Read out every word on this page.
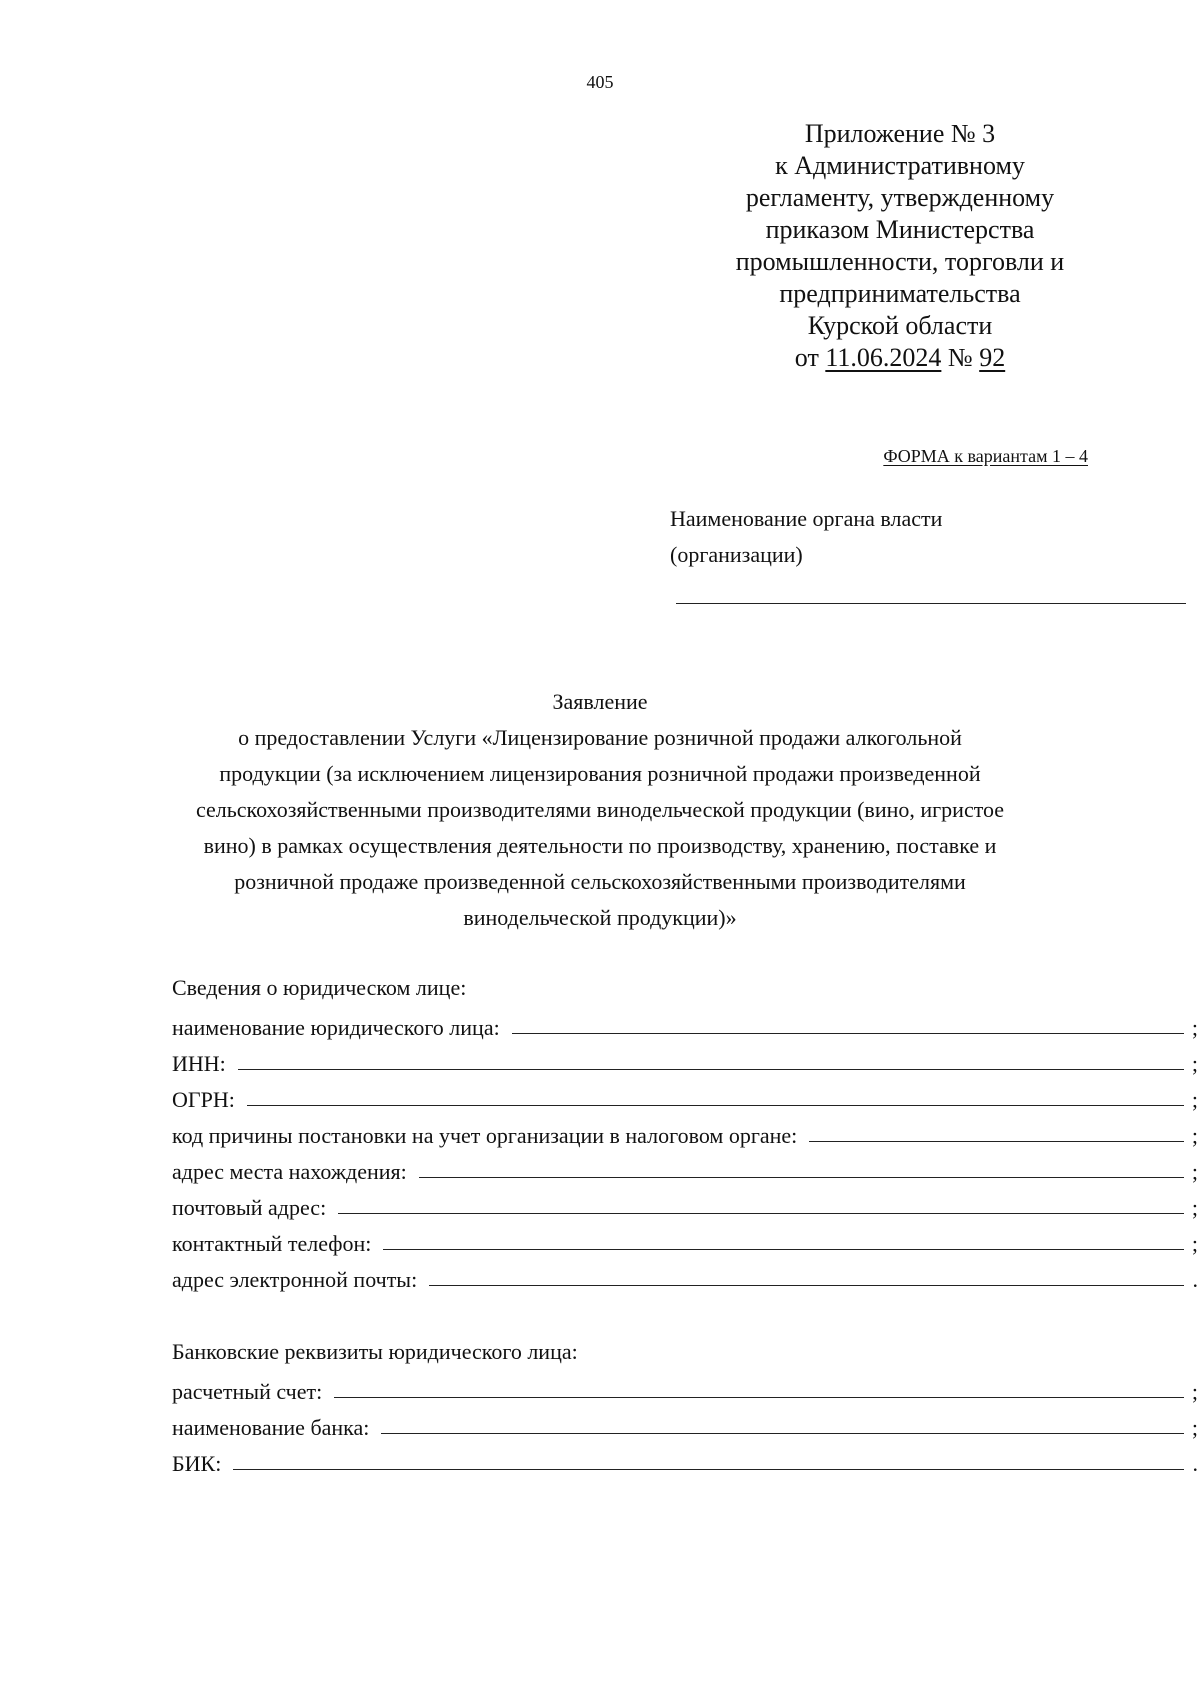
405
Приложение № 3
к Административному
регламенту, утвержденному
приказом Министерства
промышленности, торговли и
предпринимательства
Курской области
от 11.06.2024 № 92
ФОРМА к вариантам 1 – 4
Наименование органа власти
(организации)
Заявление
о предоставлении Услуги «Лицензирование розничной продажи алкогольной
продукции (за исключением лицензирования розничной продажи произведенной
сельскохозяйственными производителями винодельческой продукции (вино, игристое
вино) в рамках осуществления деятельности по производству, хранению, поставке и
розничной продаже произведенной сельскохозяйственными производителями
винодельческой продукции)»
Сведения о юридическом лице:
наименование юридического лица:	;
ИНН:	;
ОГРН:	;
код причины постановки на учет организации в налоговом органе:	;
адрес места нахождения:	;
почтовый адрес:	;
контактный телефон:	;
адрес электронной почты:	.
Банковские реквизиты юридического лица:
расчетный счет:	;
наименование банка:	;
БИК:	.
